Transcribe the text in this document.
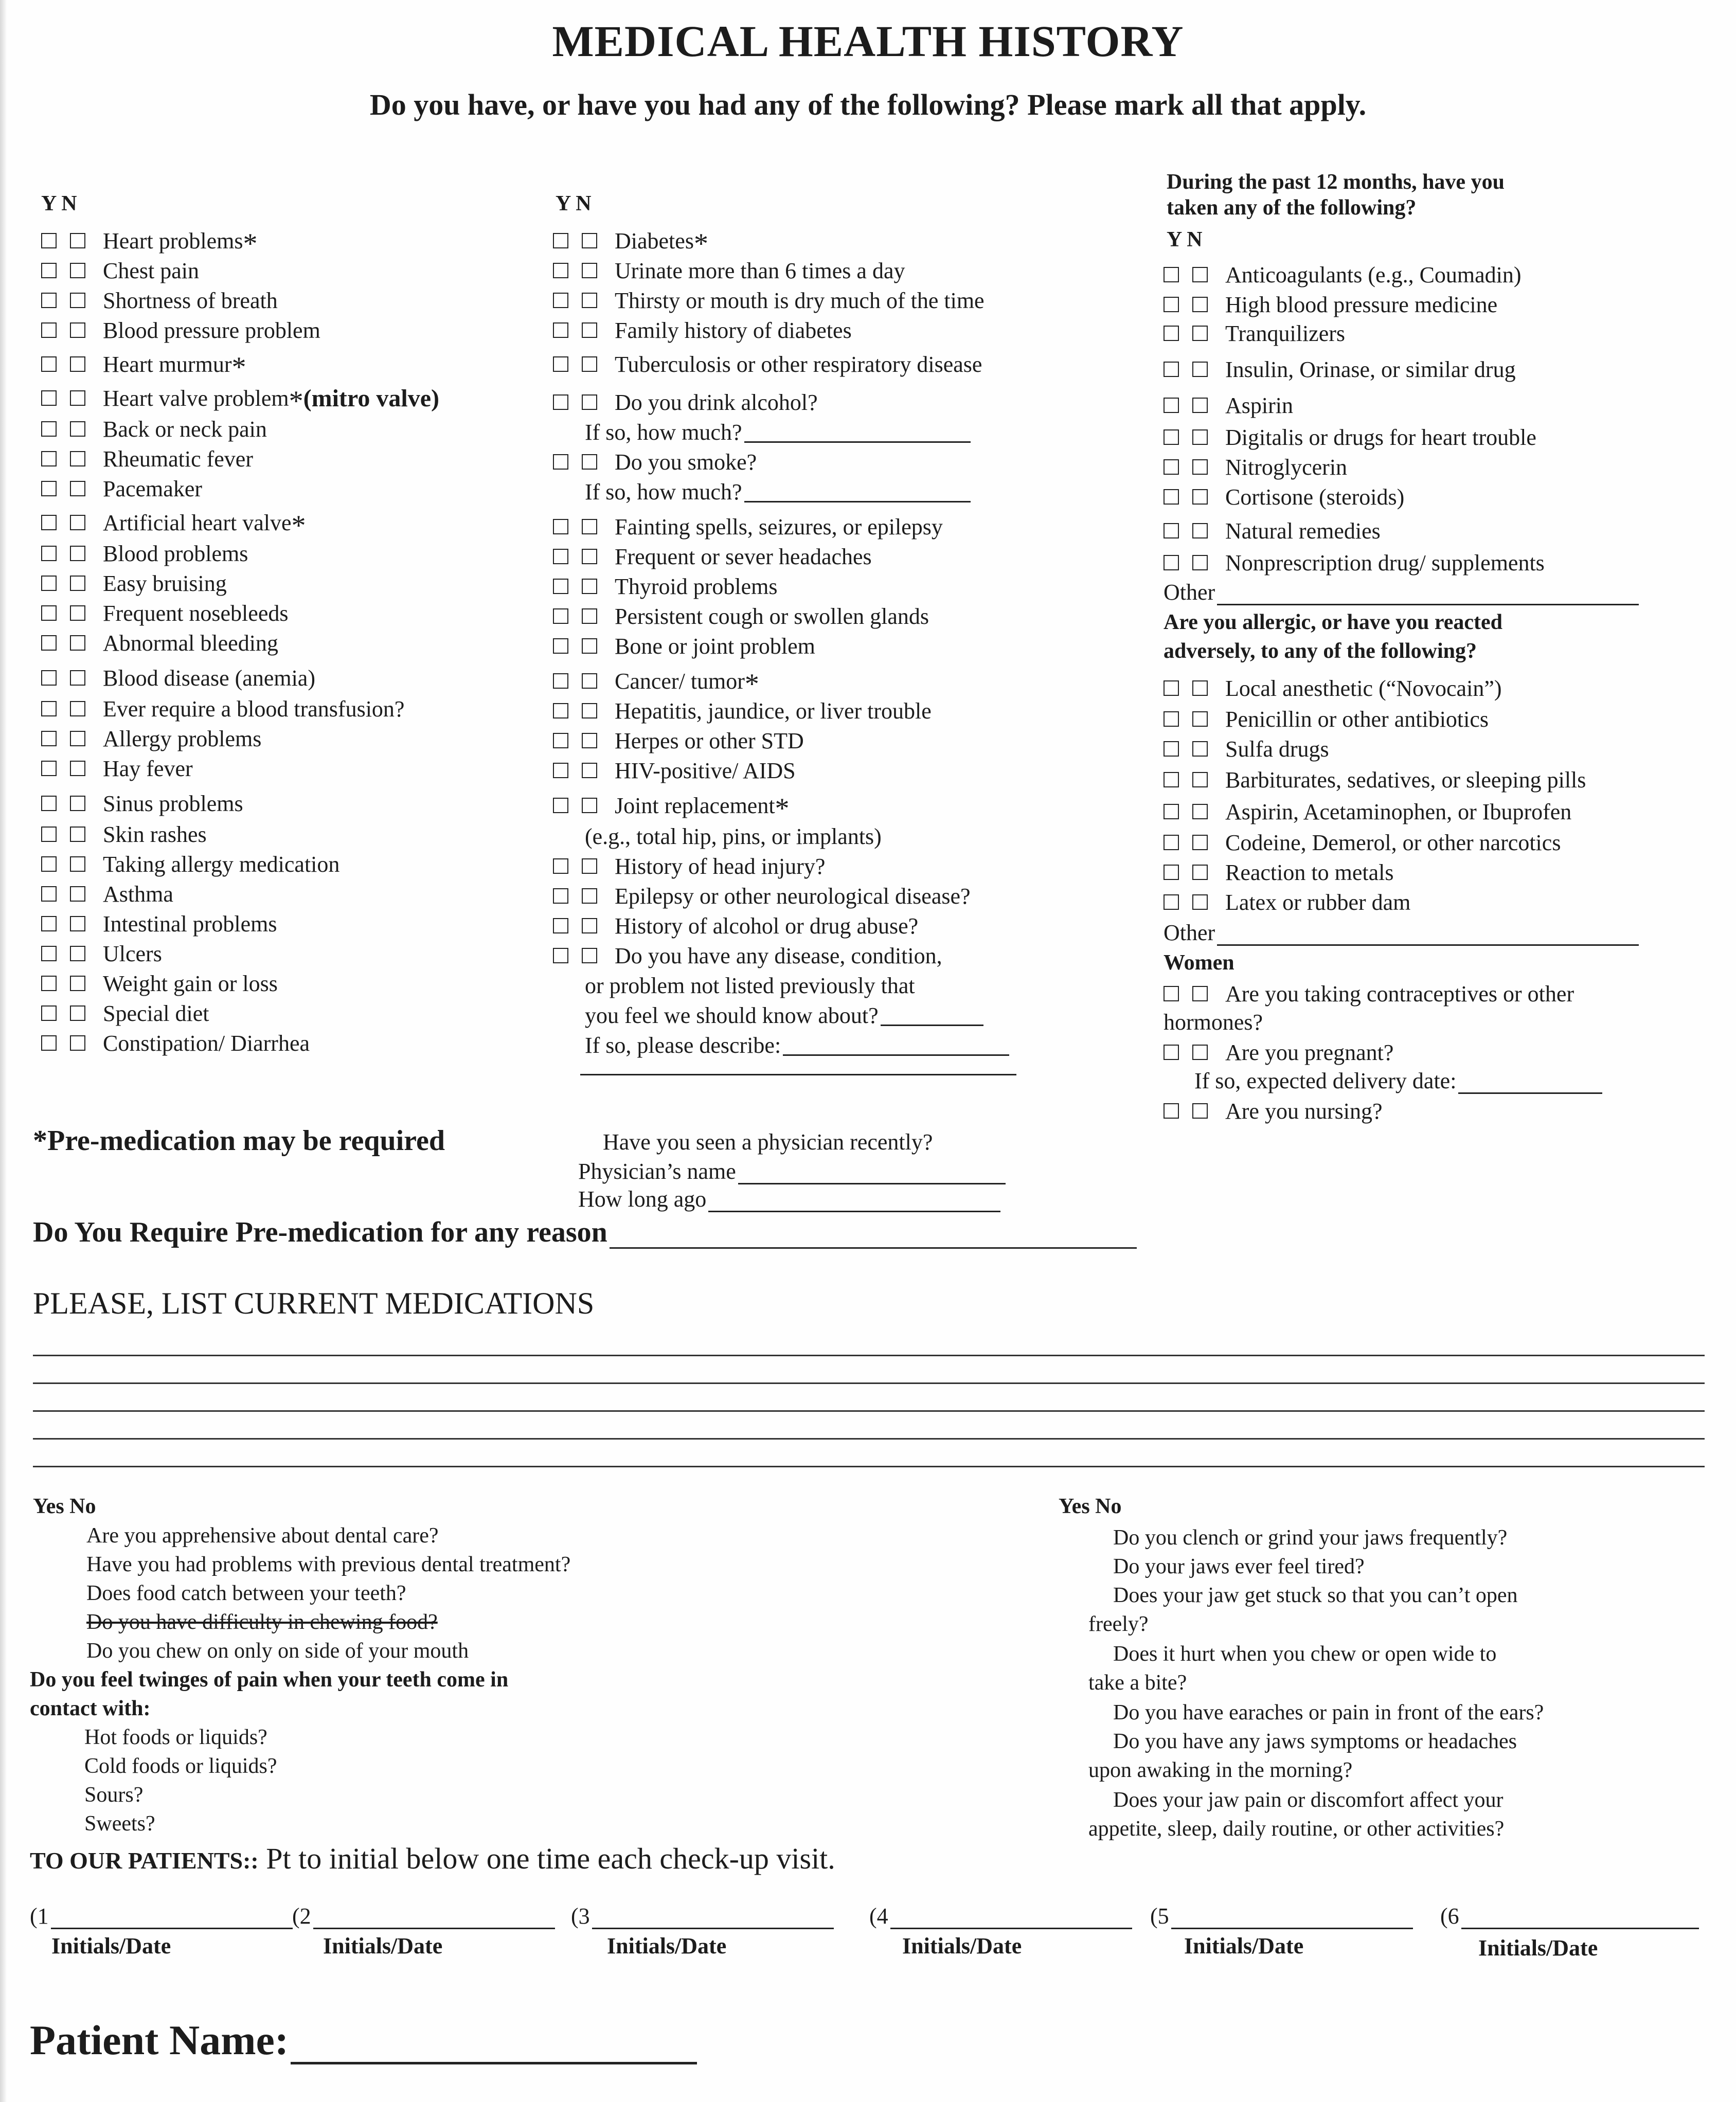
MEDICAL HEALTH HISTORY
Do you have, or have you had any of the following? Please mark all that apply.
Y N
Heart problems *
Chest pain
Shortness of breath
Blood pressure problem
Heart murmur *
Heart valve problem * (mitro valve)
Back or neck pain
Rheumatic fever
Pacemaker
Artificial heart valve *
Blood problems
Easy bruising
Frequent nosebleeds
Abnormal bleeding
Blood disease (anemia)
Ever require a blood transfusion?
Allergy problems
Hay fever
Sinus problems
Skin rashes
Taking allergy medication
Asthma
Intestinal problems
Ulcers
Weight gain or loss
Special diet
Constipation/ Diarrhea
Y N
Diabetes *
Urinate more than 6 times a day
Thirsty or mouth is dry much of the time
Family history of diabetes
Tuberculosis or other respiratory disease
Do you drink alcohol?
If so, how much?
Do you smoke?
If so, how much?
Fainting spells, seizures, or epilepsy
Frequent or sever headaches
Thyroid problems
Persistent cough or swollen glands
Bone or joint problem
Cancer/ tumor *
Hepatitis, jaundice, or liver trouble
Herpes or other STD
HIV-positive/ AIDS
Joint replacement *
(e.g., total hip, pins, or implants)
History of head injury?
Epilepsy or other neurological disease?
History of alcohol or drug abuse?
Do you have any disease, condition,
or problem not listed previously that
you feel we should know about?
If so, please describe:
During the past 12 months, have you
taken any of the following?
Y N
Anticoagulants (e.g., Coumadin)
High blood pressure medicine
Tranquilizers
Insulin, Orinase, or similar drug
Aspirin
Digitalis or drugs for heart trouble
Nitroglycerin
Cortisone (steroids)
Natural remedies
Nonprescription drug/ supplements
Other
Are you allergic, or have you reacted
adversely, to any of the following?
Local anesthetic (“Novocain”)
Penicillin or other antibiotics
Sulfa drugs
Barbiturates, sedatives, or sleeping pills
Aspirin, Acetaminophen, or Ibuprofen
Codeine, Demerol, or other narcotics
Reaction to metals
Latex or rubber dam
Other
Women
Are you taking contraceptives or other
hormones?
Are you pregnant?
If so, expected delivery date:
Are you nursing?
*Pre-medication may be required	Have you seen a physician recently?
Physician’s name
How long ago
Do You Require Pre-medication for any reason
PLEASE, LIST CURRENT MEDICATIONS
Yes No
Are you apprehensive about dental care?
Have you had problems with previous dental treatment?
Does food catch between your teeth?
Do you have difficulty in chewing food?
Do you chew on only on side of your mouth
Do you feel twinges of pain when your teeth come in
contact with:
Hot foods or liquids?
Cold foods or liquids?
Sours?
Sweets?
Yes No
Do you clench or grind your jaws frequently?
Do your jaws ever feel tired?
Does your jaw get stuck so that you can’t open
freely?
Does it hurt when you chew or open wide to
take a bite?
Do you have earaches or pain in front of the ears?
Do you have any jaws symptoms or headaches
upon awaking in the morning?
Does your jaw pain or discomfort affect your
appetite, sleep, daily routine, or other activities?
TO OUR PATIENTS:: Pt to initial below one time each check-up visit.
(1
Initials/Date
(2
Initials/Date
(3
Initials/Date
(4
Initials/Date
(5
Initials/Date
(6
Initials/Date
Patient Name:
